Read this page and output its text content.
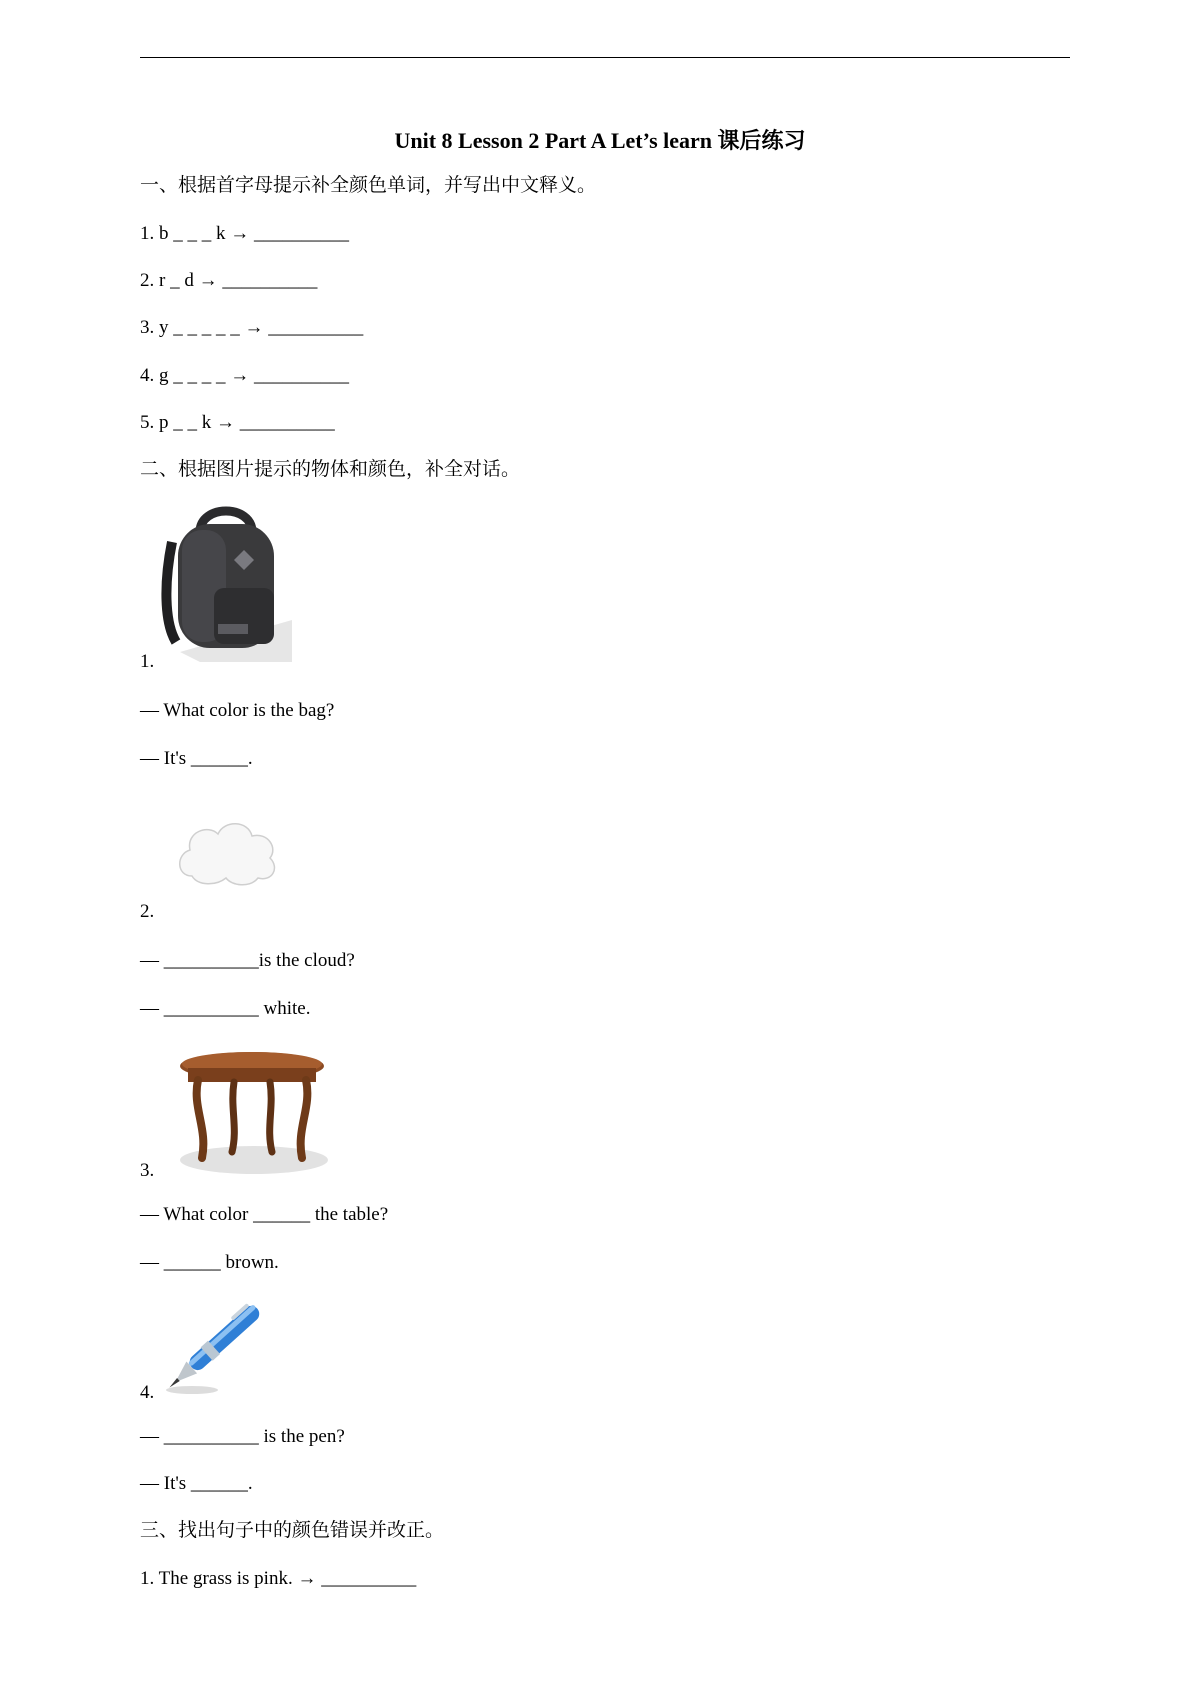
Unit 8 Lesson 2 Part A Let’s learn 课后练习
一、根据首字母提示补全颜色单词，并写出中文释义。
1. b _ _ _ k → __________
2. r _ d → __________
3. y _ _ _ _ _ → __________
4. g _ _ _ _ → __________
5. p _ _ k → __________
二、根据图片提示的物体和颜色，补全对话。
1.
— What color is the bag?
— It's ______.
2.
— __________is the cloud?
— __________ white.
3.
— What color ______ the table?
— ______ brown.
4.
— __________ is the pen?
— It's ______.
三、找出句子中的颜色错误并改正。
1. The grass is pink. → __________
